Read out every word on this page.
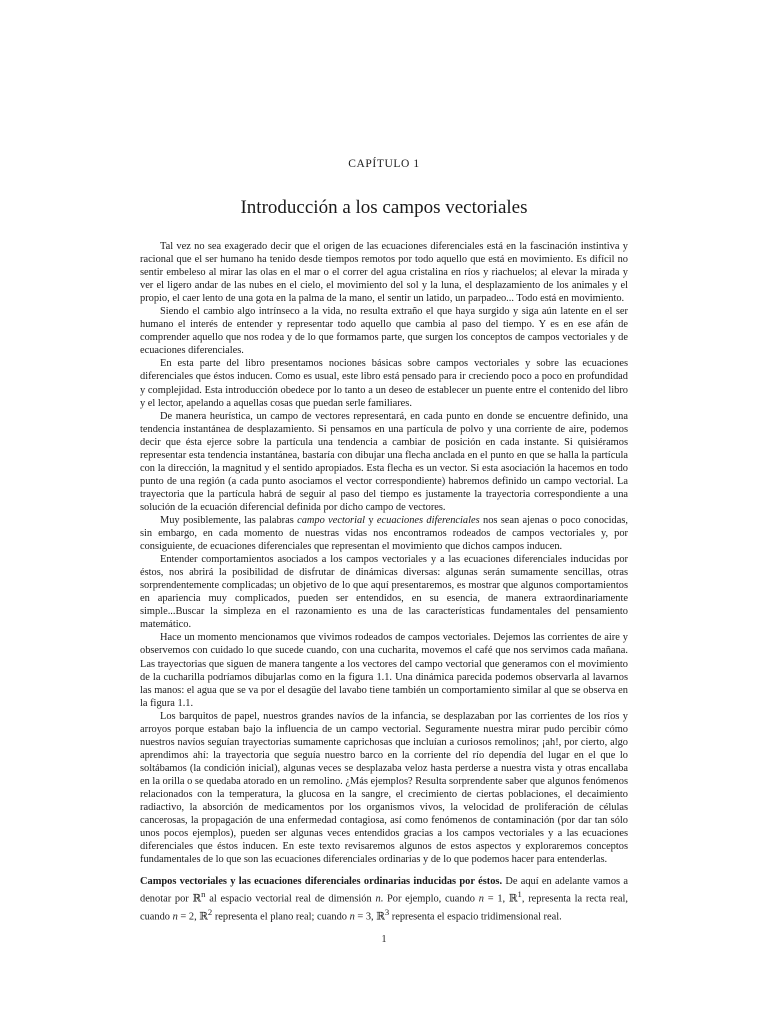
CAPÍTULO 1
Introducción a los campos vectoriales

Tal vez no sea exagerado decir que el origen de las ecuaciones diferenciales está en la fascinación instintiva y racional que el ser humano ha tenido desde tiempos remotos por todo aquello que está en movimiento. Es difícil no sentir embeleso al mirar las olas en el mar o el correr del agua cristalina en ríos y riachuelos; al elevar la mirada y ver el ligero andar de las nubes en el cielo, el movimiento del sol y la luna, el desplazamiento de los animales y el propio, el caer lento de una gota en la palma de la mano, el sentir un latido, un parpadeo... Todo está en movimiento.

Siendo el cambio algo intrínseco a la vida, no resulta extraño el que haya surgido y siga aún latente en el ser humano el interés de entender y representar todo aquello que cambia al paso del tiempo. Y es en ese afán de comprender aquello que nos rodea y de lo que formamos parte, que surgen los conceptos de campos vectoriales y de ecuaciones diferenciales.

En esta parte del libro presentamos nociones básicas sobre campos vectoriales y sobre las ecuaciones diferenciales que éstos inducen. Como es usual, este libro está pensado para ir creciendo poco a poco en profundidad y complejidad. Esta introducción obedece por lo tanto a un deseo de establecer un puente entre el contenido del libro y el lector, apelando a aquellas cosas que puedan serle familiares.

De manera heurística, un campo de vectores representará, en cada punto en donde se encuentre definido, una tendencia instantánea de desplazamiento. Si pensamos en una partícula de polvo y una corriente de aire, podemos decir que ésta ejerce sobre la partícula una tendencia a cambiar de posición en cada instante. Si quisiéramos representar esta tendencia instantánea, bastaría con dibujar una flecha anclada en el punto en que se halla la partícula con la dirección, la magnitud y el sentido apropiados. Esta flecha es un vector. Si esta asociación la hacemos en todo punto de una región (a cada punto asociamos el vector correspondiente) habremos definido un campo vectorial. La trayectoria que la partícula habrá de seguir al paso del tiempo es justamente la trayectoria correspondiente a una solución de la ecuación diferencial definida por dicho campo de vectores.

Muy posiblemente, las palabras campo vectorial y ecuaciones diferenciales nos sean ajenas o poco conocidas, sin embargo, en cada momento de nuestras vidas nos encontramos rodeados de campos vectoriales y, por consiguiente, de ecuaciones diferenciales que representan el movimiento que dichos campos inducen.

Entender comportamientos asociados a los campos vectoriales y a las ecuaciones diferenciales inducidas por éstos, nos abrirá la posibilidad de disfrutar de dinámicas diversas: algunas serán sumamente sencillas, otras sorprendentemente complicadas; un objetivo de lo que aquí presentaremos, es mostrar que algunos comportamientos en apariencia muy complicados, pueden ser entendidos, en su esencia, de manera extraordinariamente simple...Buscar la simpleza en el razonamiento es una de las características fundamentales del pensamiento matemático.

Hace un momento mencionamos que vivimos rodeados de campos vectoriales. Dejemos las corrientes de aire y observemos con cuidado lo que sucede cuando, con una cucharita, movemos el café que nos servimos cada mañana. Las trayectorias que siguen de manera tangente a los vectores del campo vectorial que generamos con el movimiento de la cucharilla podríamos dibujarlas como en la figura 1.1. Una dinámica parecida podemos observarla al lavarnos las manos: el agua que se va por el desagüe del lavabo tiene también un comportamiento similar al que se observa en la figura 1.1.

Los barquitos de papel, nuestros grandes navíos de la infancia, se desplazaban por las corrientes de los ríos y arroyos porque estaban bajo la influencia de un campo vectorial. Seguramente nuestra mirar pudo percibir cómo nuestros navíos seguían trayectorias sumamente caprichosas que incluían a curiosos remolinos; ¡ah!, por cierto, algo aprendimos ahí: la trayectoria que seguía nuestro barco en la corriente del río dependía del lugar en el que lo soltábamos (la condición inicial), algunas veces se desplazaba veloz hasta perderse a nuestra vista y otras encallaba en la orilla o se quedaba atorado en un remolino. ¿Más ejemplos? Resulta sorprendente saber que algunos fenómenos relacionados con la temperatura, la glucosa en la sangre, el crecimiento de ciertas poblaciones, el decaimiento radiactivo, la absorción de medicamentos por los organismos vivos, la velocidad de proliferación de células cancerosas, la propagación de una enfermedad contagiosa, así como fenómenos de contaminación (por dar tan sólo unos pocos ejemplos), pueden ser algunas veces entendidos gracias a los campos vectoriales y a las ecuaciones diferenciales que éstos inducen. En este texto revisaremos algunos de estos aspectos y exploraremos conceptos fundamentales de lo que son las ecuaciones diferenciales ordinarias y de lo que podemos hacer para entenderlas.

Campos vectoriales y las ecuaciones diferenciales ordinarias inducidas por éstos. De aquí en adelante vamos a denotar por ℝ$^n$ al espacio vectorial real de dimensión n. Por ejemplo, cuando n = 1, ℝ$^1$, representa la recta real, cuando n = 2, ℝ$^2$ representa el plano real; cuando n = 3, ℝ$^3$ representa el espacio tridimensional real.

1
